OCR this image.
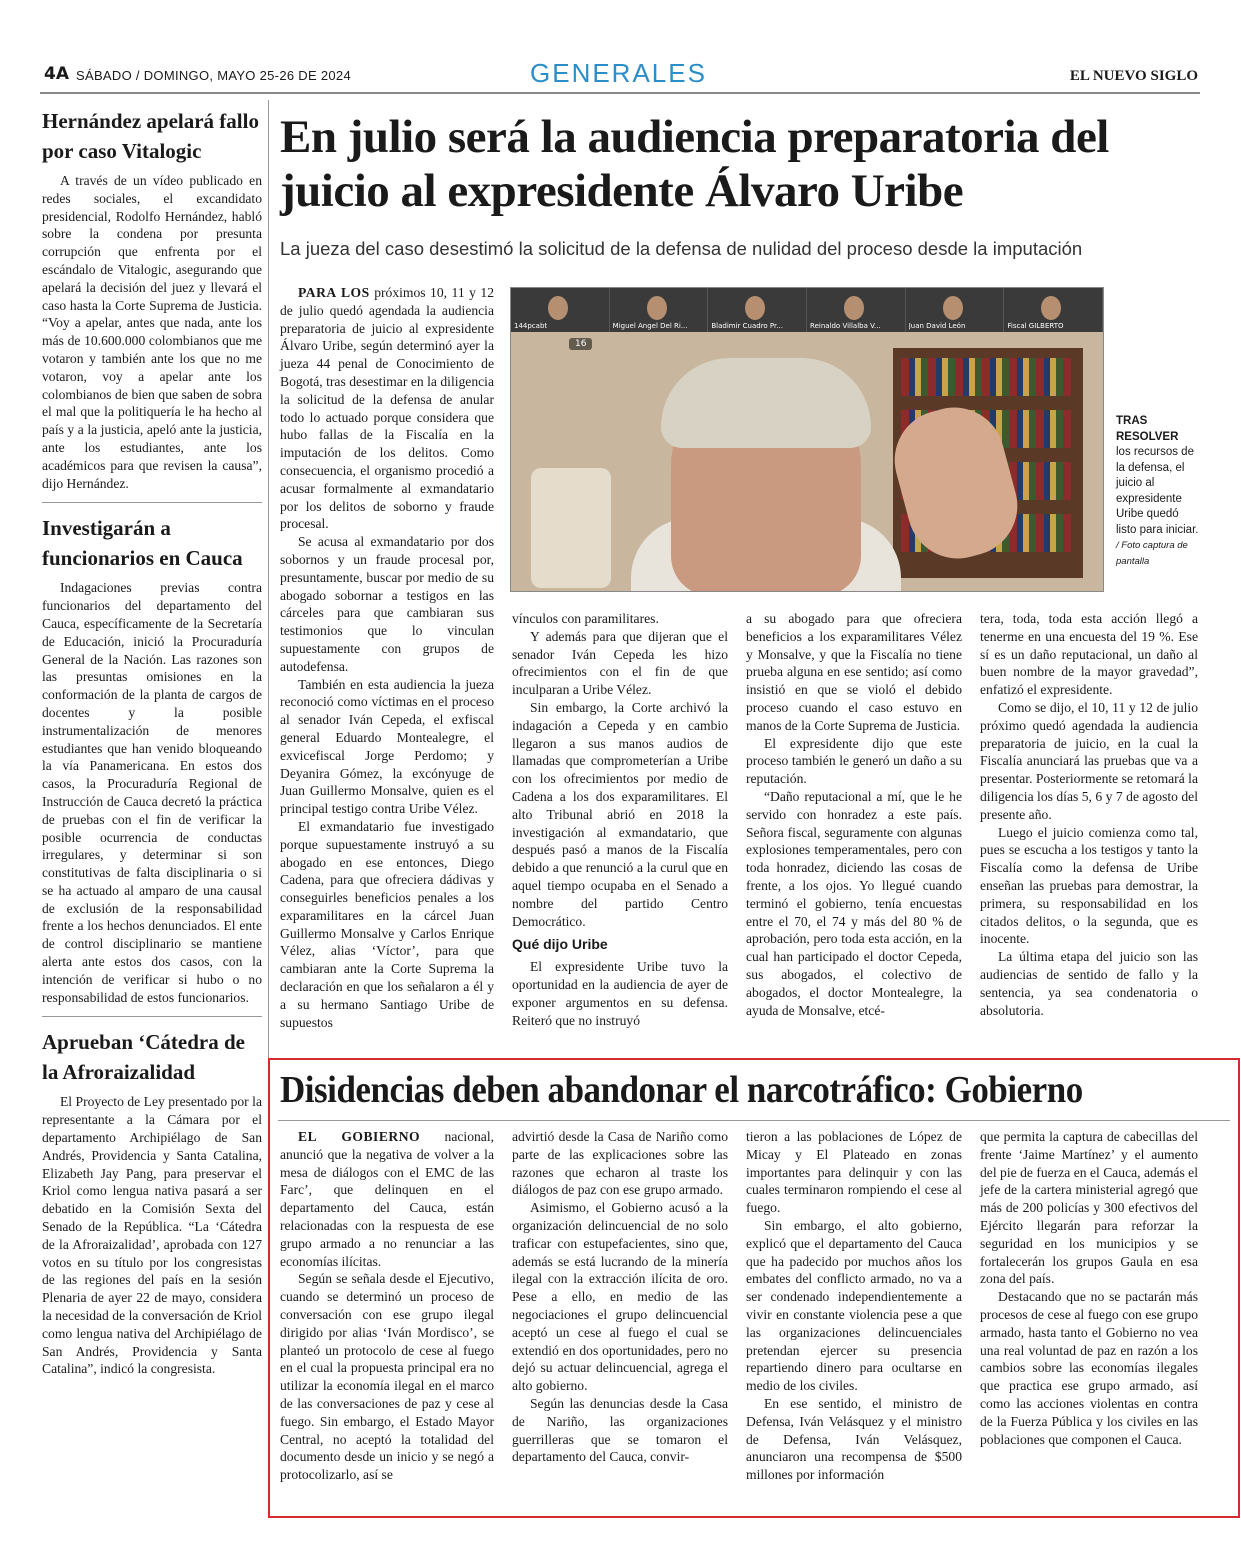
4A SÁBADO / DOMINGO, MAYO 25-26 DE 2024	GENERALES	EL NUEVO SIGLO
Hernández apelará fallo por caso Vitalogic

A través de un vídeo publicado en redes sociales, el excandidato presidencial, Rodolfo Hernández, habló sobre la condena por presunta corrupción que enfrenta por el escándalo de Vitalogic, asegurando que apelará la decisión del juez y llevará el caso hasta la Corte Suprema de Justicia. “Voy a apelar, antes que nada, ante los más de 10.600.000 colombianos que me votaron y también ante los que no me votaron, voy a apelar ante los colombianos de bien que saben de sobra el mal que la politiquería le ha hecho al país y a la justicia, apeló ante la justicia, ante los estudiantes, ante los académicos para que revisen la causa”, dijo Hernández.

Investigarán a funcionarios en Cauca

Indagaciones previas contra funcionarios del departamento del Cauca, específicamente de la Secretaría de Educación, inició la Procuraduría General de la Nación. Las razones son las presuntas omisiones en la conformación de la planta de cargos de docentes y la posible instrumentalización de menores estudiantes que han venido bloqueando la vía Panamericana. En estos dos casos, la Procuraduría Regional de Instrucción de Cauca decretó la práctica de pruebas con el fin de verificar la posible ocurrencia de conductas irregulares, y determinar si son constitutivas de falta disciplinaria o si se ha actuado al amparo de una causal de exclusión de la responsabilidad frente a los hechos denunciados. El ente de control disciplinario se mantiene alerta ante estos dos casos, con la intención de verificar si hubo o no responsabilidad de estos funcionarios.

Aprueban ‘Cátedra de la Afroraizalidad

El Proyecto de Ley presentado por la representante a la Cámara por el departamento Archipiélago de San Andrés, Providencia y Santa Catalina, Elizabeth Jay Pang, para preservar el Kriol como lengua nativa pasará a ser debatido en la Comisión Sexta del Senado de la República. “La ‘Cátedra de la Afroraizalidad’, aprobada con 127 votos en su título por los congresistas de las regiones del país en la sesión Plenaria de ayer 22 de mayo, considera la necesidad de la conversación de Kriol como lengua nativa del Archipiélago de San Andrés, Providencia y Santa Catalina”, indicó la congresista.

En julio será la audiencia preparatoria del juicio al expresidente Álvaro Uribe
La jueza del caso desestimó la solicitud de la defensa de nulidad del proceso desde la imputación

PARA LOS próximos 10, 11 y 12 de julio quedó agendada la audiencia preparatoria de juicio al expresidente Álvaro Uribe, según determinó ayer la jueza 44 penal de Conocimiento de Bogotá, tras desestimar en la diligencia la solicitud de la defensa de anular todo lo actuado porque considera que hubo fallas de la Fiscalía en la imputación de los delitos. Como consecuencia, el organismo procedió a acusar formalmente al exmandatario por los delitos de soborno y fraude procesal.

Se acusa al exmandatario por dos sobornos y un fraude procesal por, presuntamente, buscar por medio de su abogado sobornar a testigos en las cárceles para que cambiaran sus testimonios que lo vinculan supuestamente con grupos de autodefensa.

También en esta audiencia la jueza reconoció como víctimas en el proceso al senador Iván Cepeda, el exfiscal general Eduardo Montealegre, el exvicefiscal Jorge Perdomo; y Deyanira Gómez, la excónyuge de Juan Guillermo Monsalve, quien es el principal testigo contra Uribe Vélez.

El exmandatario fue investigado porque supuestamente instruyó a su abogado en ese entonces, Diego Cadena, para que ofreciera dádivas y conseguirles beneficios penales a los exparamilitares en la cárcel Juan Guillermo Monsalve y Carlos Enrique Vélez, alias ‘Víctor’, para que cambiaran ante la Corte Suprema la declaración en que los señalaron a él y a su hermano Santiago Uribe de supuestos

144pcabt	Miguel Angel Del Ri...	Bladimir Cuadro Pr...	Reinaldo Villalba V...	Juan David León	Fiscal GILBERTO
16
TRAS RESOLVER
los recursos de la defensa, el juicio al expresidente Uribe quedó listo para iniciar. / Foto captura de pantalla

vínculos con paramilitares.

Y además para que dijeran que el senador Iván Cepeda les hizo ofrecimientos con el fin de que inculparan a Uribe Vélez.

Sin embargo, la Corte archivó la indagación a Cepeda y en cambio llegaron a sus manos audios de llamadas que comprometerían a Uribe con los ofrecimientos por medio de Cadena a los dos exparamilitares. El alto Tribunal abrió en 2018 la investigación al exmandatario, que después pasó a manos de la Fiscalía debido a que renunció a la curul que en aquel tiempo ocupaba en el Senado a nombre del partido Centro Democrático.

Qué dijo Uribe

El expresidente Uribe tuvo la oportunidad en la audiencia de ayer de exponer argumentos en su defensa. Reiteró que no instruyó

a su abogado para que ofreciera beneficios a los exparamilitares Vélez y Monsalve, y que la Fiscalía no tiene prueba alguna en ese sentido; así como insistió en que se violó el debido proceso cuando el caso estuvo en manos de la Corte Suprema de Justicia.

El expresidente dijo que este proceso también le generó un daño a su reputación.

“Daño reputacional a mí, que le he servido con honradez a este país. Señora fiscal, seguramente con algunas explosiones temperamentales, pero con toda honradez, diciendo las cosas de frente, a los ojos. Yo llegué cuando terminó el gobierno, tenía encuestas entre el 70, el 74 y más del 80 % de aprobación, pero toda esta acción, en la cual han participado el doctor Cepeda, sus abogados, el colectivo de abogados, el doctor Montealegre, la ayuda de Monsalve, etcé-

tera, toda, toda esta acción llegó a tenerme en una encuesta del 19 %. Ese sí es un daño reputacional, un daño al buen nombre de la mayor gravedad”, enfatizó el expresidente.

Como se dijo, el 10, 11 y 12 de julio próximo quedó agendada la audiencia preparatoria de juicio, en la cual la Fiscalía anunciará las pruebas que va a presentar. Posteriormente se retomará la diligencia los días 5, 6 y 7 de agosto del presente año.

Luego el juicio comienza como tal, pues se escucha a los testigos y tanto la Fiscalía como la defensa de Uribe enseñan las pruebas para demostrar, la primera, su responsabilidad en los citados delitos, o la segunda, que es inocente.

La última etapa del juicio son las audiencias de sentido de fallo y la sentencia, ya sea condenatoria o absolutoria.

Disidencias deben abandonar el narcotráfico: Gobierno

EL GOBIERNO nacional, anunció que la negativa de volver a la mesa de diálogos con el EMC de las Farc’, que delinquen en el departamento del Cauca, están relacionadas con la respuesta de ese grupo armado a no renunciar a las economías ilícitas.

Según se señala desde el Ejecutivo, cuando se determinó un proceso de conversación con ese grupo ilegal dirigido por alias ‘Iván Mordisco’, se planteó un protocolo de cese al fuego en el cual la propuesta principal era no utilizar la economía ilegal en el marco de las conversaciones de paz y cese al fuego. Sin embargo, el Estado Mayor Central, no aceptó la totalidad del documento desde un inicio y se negó a protocolizarlo, así se

advirtió desde la Casa de Nariño como parte de las explicaciones sobre las razones que echaron al traste los diálogos de paz con ese grupo armado.

Asimismo, el Gobierno acusó a la organización delincuencial de no solo traficar con estupefacientes, sino que, además se está lucrando de la minería ilegal con la extracción ilícita de oro. Pese a ello, en medio de las negociaciones el grupo delincuencial aceptó un cese al fuego el cual se extendió en dos oportunidades, pero no dejó su actuar delincuencial, agrega el alto gobierno.

Según las denuncias desde la Casa de Nariño, las organizaciones guerrilleras que se tomaron el departamento del Cauca, convir-

tieron a las poblaciones de López de Micay y El Plateado en zonas importantes para delinquir y con las cuales terminaron rompiendo el cese al fuego.

Sin embargo, el alto gobierno, explicó que el departamento del Cauca que ha padecido por muchos años los embates del conflicto armado, no va a ser condenado independientemente a vivir en constante violencia pese a que las organizaciones delincuenciales pretendan ejercer su presencia repartiendo dinero para ocultarse en medio de los civiles.

En ese sentido, el ministro de Defensa, Iván Velásquez y el ministro de Defensa, Iván Velásquez, anunciaron una recompensa de $500 millones por información

que permita la captura de cabecillas del frente ‘Jaime Martínez’ y el aumento del pie de fuerza en el Cauca, además el jefe de la cartera ministerial agregó que más de 200 policías y 300 efectivos del Ejército llegarán para reforzar la seguridad en los municipios y se fortalecerán los grupos Gaula en esa zona del país.

Destacando que no se pactarán más procesos de cese al fuego con ese grupo armado, hasta tanto el Gobierno no vea una real voluntad de paz en razón a los cambios sobre las economías ilegales que practica ese grupo armado, así como las acciones violentas en contra de la Fuerza Pública y los civiles en las poblaciones que componen el Cauca.
